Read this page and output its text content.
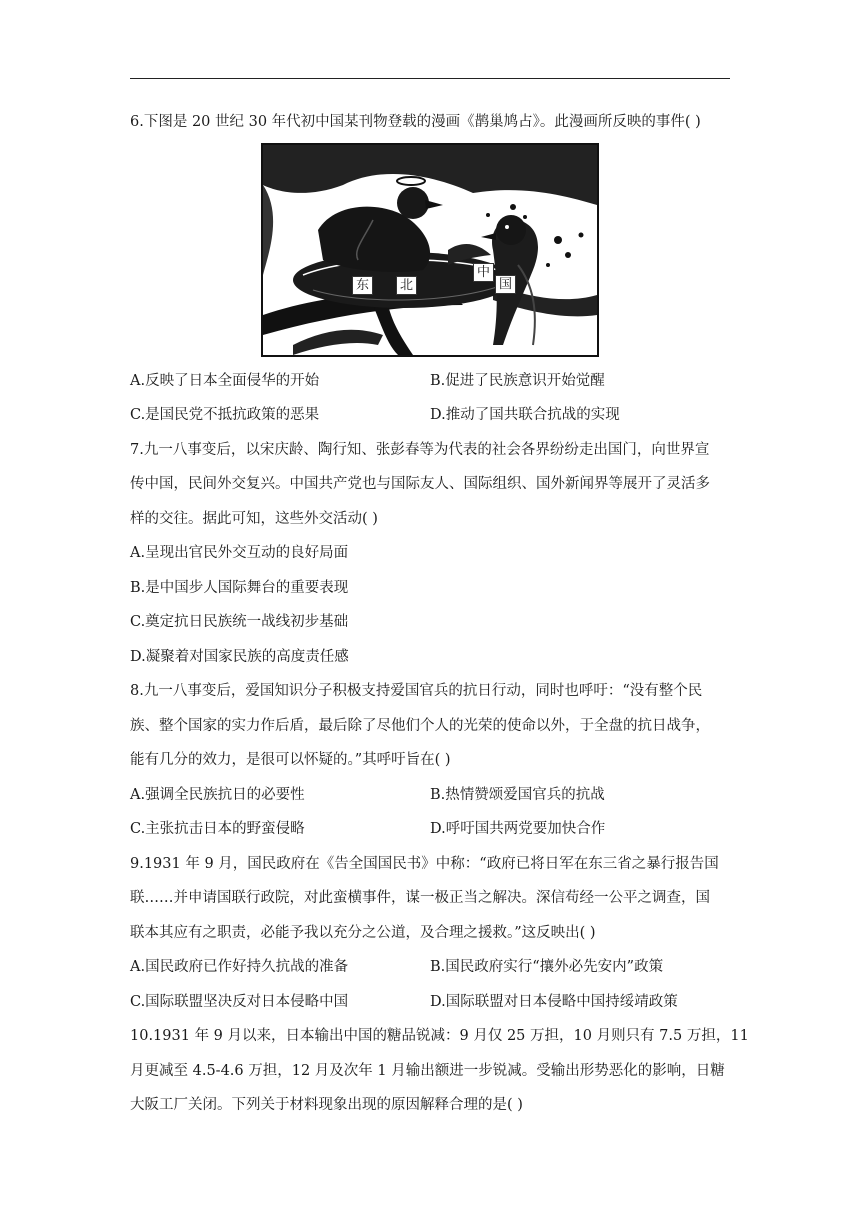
6.下图是 20 世纪 30 年代初中国某刊物登载的漫画《鹊巢鸠占》。此漫画所反映的事件( )
东	北
中
国
A.反映了日本全面侵华的开始	B.促进了民族意识开始觉醒
C.是国民党不抵抗政策的恶果	D.推动了国共联合抗战的实现
7.九一八事变后，以宋庆龄、陶行知、张彭春等为代表的社会各界纷纷走出国门，向世界宣
传中国，民间外交复兴。中国共产党也与国际友人、国际组织、国外新闻界等展开了灵活多
样的交往。据此可知，这些外交活动( )
A.呈现出官民外交互动的良好局面
B.是中国步人国际舞台的重要表现
C.奠定抗日民族统一战线初步基础
D.凝聚着对国家民族的高度责任感
8.九一八事变后，爱国知识分子积极支持爱国官兵的抗日行动，同时也呼吁：“没有整个民
族、整个国家的实力作后盾，最后除了尽他们个人的光荣的使命以外，于全盘的抗日战争，
能有几分的效力，是很可以怀疑的。”其呼吁旨在( )
A.强调全民族抗日的必要性	B.热情赞颂爱国官兵的抗战
C.主张抗击日本的野蛮侵略	D.呼吁国共两党要加快合作
9.1931 年 9 月，国民政府在《告全国国民书》中称：“政府已将日军在东三省之暴行报告国
联……并申请国联行政院，对此蛮横事件，谋一极正当之解决。深信苟经一公平之调查，国
联本其应有之职责，必能予我以充分之公道，及合理之援救。”这反映出( )
A.国民政府已作好持久抗战的准备	B.国民政府实行“攘外必先安内”政策
C.国际联盟坚决反对日本侵略中国	D.国际联盟对日本侵略中国持绥靖政策
10.1931 年 9 月以来，日本输出中国的糖品锐减：9 月仅 25 万担，10 月则只有 7.5 万担，11
月更减至 4.5-4.6 万担，12 月及次年 1 月输出额进一步锐减。受输出形势恶化的影响，日糖
大阪工厂关闭。下列关于材料现象出现的原因解释合理的是( )
